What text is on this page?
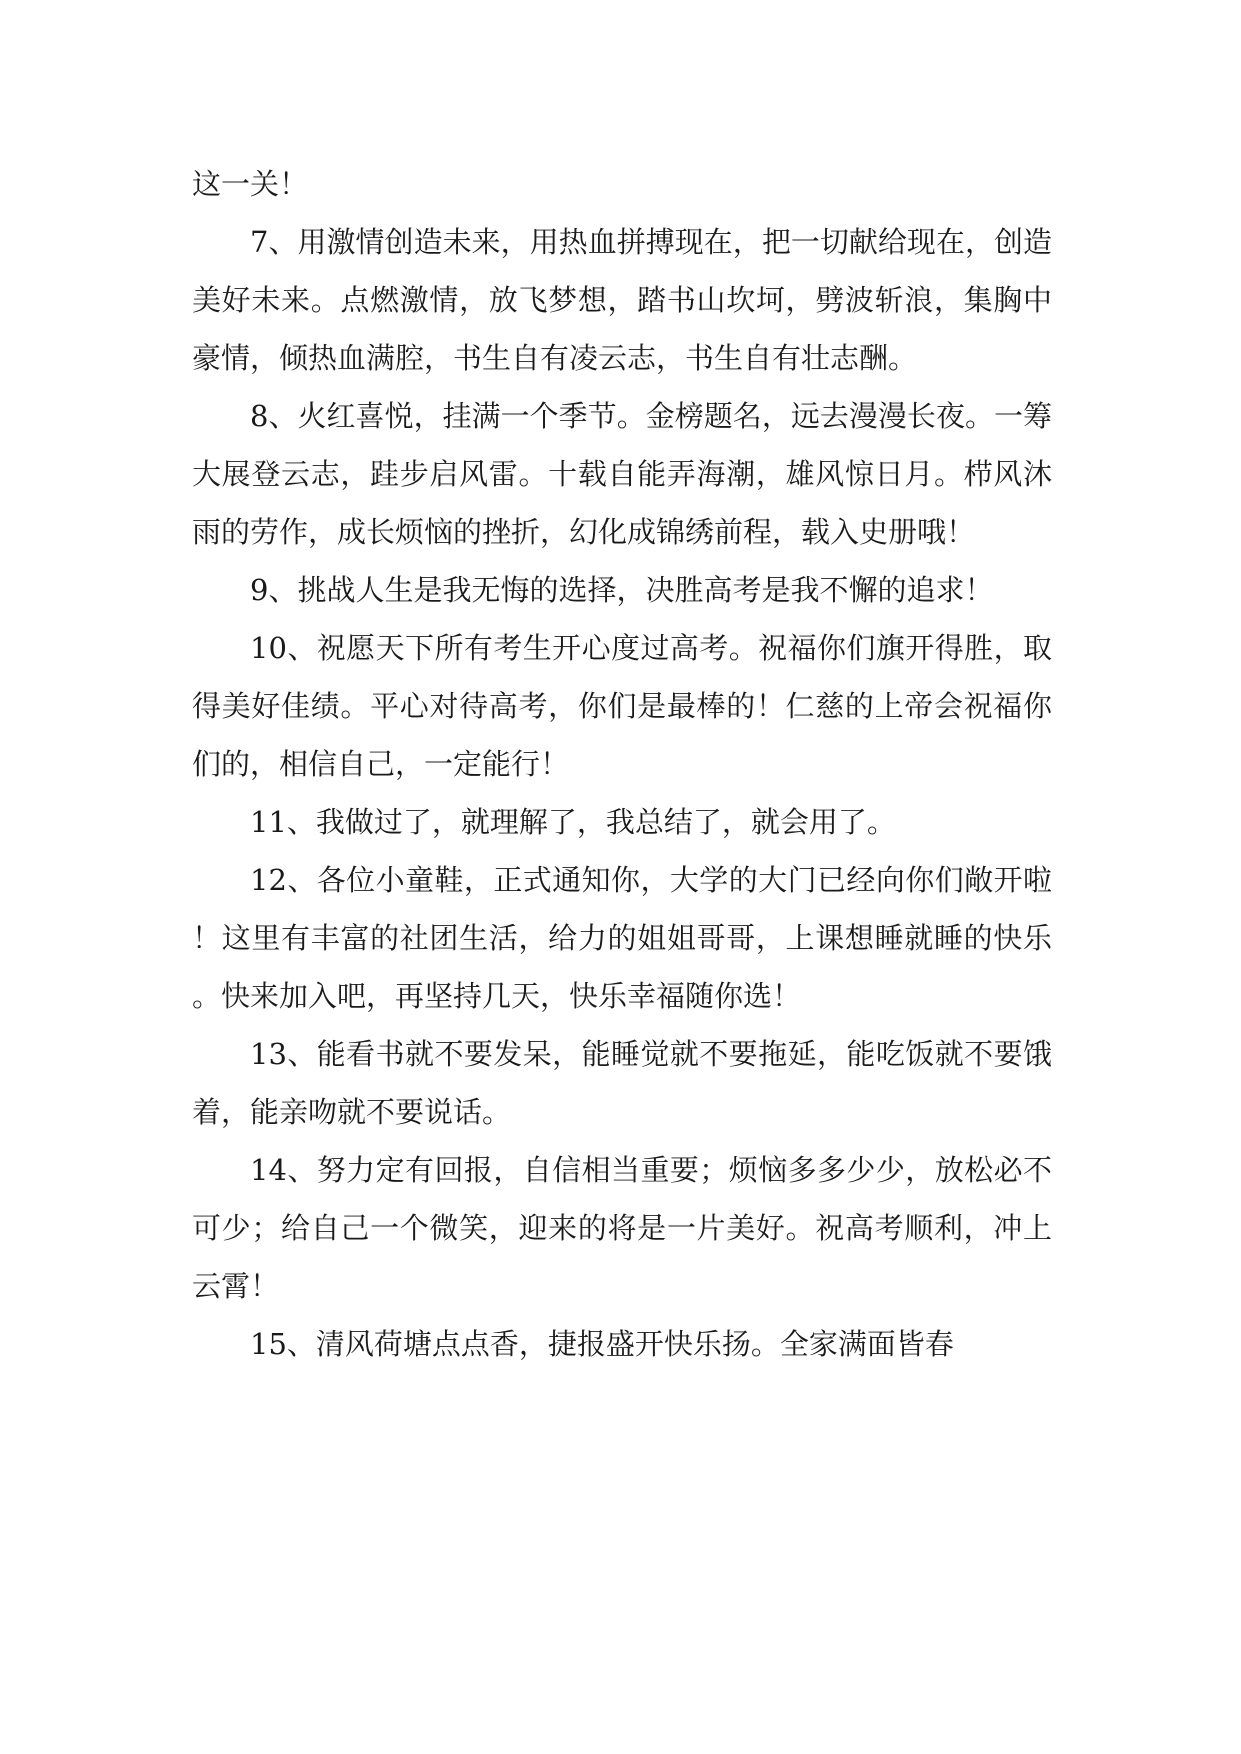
这一关！

7、用激情创造未来，用热血拼搏现在，把一切献给现在，创造美好未来。点燃激情，放飞梦想，踏书山坎坷，劈波斩浪，集胸中豪情，倾热血满腔，书生自有凌云志，书生自有壮志酬。

8、火红喜悦，挂满一个季节。金榜题名，远去漫漫长夜。一筹大展登云志，跬步启风雷。十载自能弄海潮，雄风惊日月。栉风沐雨的劳作，成长烦恼的挫折，幻化成锦绣前程，载入史册哦！

9、挑战人生是我无悔的选择，决胜高考是我不懈的追求！

10、祝愿天下所有考生开心度过高考。祝福你们旗开得胜，取得美好佳绩。平心对待高考，你们是最棒的！仁慈的上帝会祝福你们的，相信自己，一定能行！

11、我做过了，就理解了，我总结了，就会用了。

12、各位小童鞋，正式通知你，大学的大门已经向你们敞开啦！这里有丰富的社团生活，给力的姐姐哥哥，上课想睡就睡的快乐。快来加入吧，再坚持几天，快乐幸福随你选！

13、能看书就不要发呆，能睡觉就不要拖延，能吃饭就不要饿着，能亲吻就不要说话。

14、努力定有回报，自信相当重要；烦恼多多少少，放松必不可少；给自己一个微笑，迎来的将是一片美好。祝高考顺利，冲上云霄！

15、清风荷塘点点香，捷报盛开快乐扬。全家满面皆春
